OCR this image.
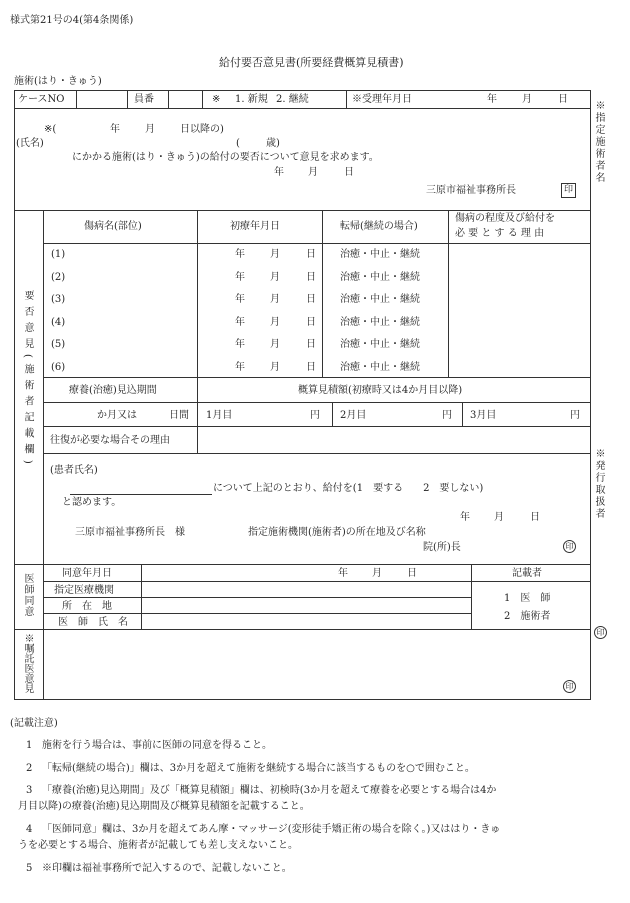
様式第21号の4(第4条関係)
給付要否意見書(所要経費概算見積書)
施術(はり・きゅう)
ケースNO	員番	※ 1. 新規 2. 継続	※受理年月日	年	月	日
※(	年	月	日以降の)
(氏名)	(	歳)
にかかる施術(はり・きゅう)の給付の要否について意見を求めます。
年 月	日
三原市福祉事務所長	印
※指定施術者名
※発行取扱者
印
要否意見(施術者記載欄)
傷病名(部位)	初療年月日	転帰(継続の場合)
傷病の程度及び給付を
必 要 と す る 理 由
(1)	年	月	日 治癒・中止・継続
(2)	年	月	日 治癒・中止・継続
(3)	年	月	日 治癒・中止・継続
(4)	年	月	日 治癒・中止・継続
(5)	年	月	日 治癒・中止・継続
(6)	年	月	日 治癒・中止・継続
療養(治癒)見込期間	概算見積額(初療時又は4か月目以降)
か月又は	日間 1月目	円 2月目	円 3月目	円
往復が必要な場合その理由
(患者氏名)
について上記のとおり、給付を(1　要する　　2　要しない)
と認めます。
年 月	日
三原市福祉事務所長　様	指定施術機関(施術者)の所在地及び名称
院(所)長	印
医師同意	同意年月日	年 月	日
指定医療機関
所　在　地
医　師　氏　名
記載者
1　医　師
2　施術者
※嘱託医意見	印
(記載注意)
1 施術を行う場合は、事前に医師の同意を得ること。
2 「転帰(継続の場合)」欄は、3か月を超えて施術を継続する場合に該当するものを○で囲むこと。
3 「療養(治癒)見込期間」及び「概算見積額」欄は、初検時(3か月を超えて療養を必要とする場合は4か
月目以降)の療養(治癒)見込期間及び概算見積額を記載すること。
4 「医師同意」欄は、3か月を超えてあん摩・マッサージ(変形徒手矯正術の場合を除く。)又ははり・きゅ
うを必要とする場合、施術者が記載しても差し支えないこと。
5 ※印欄は福祉事務所で記入するので、記載しないこと。
